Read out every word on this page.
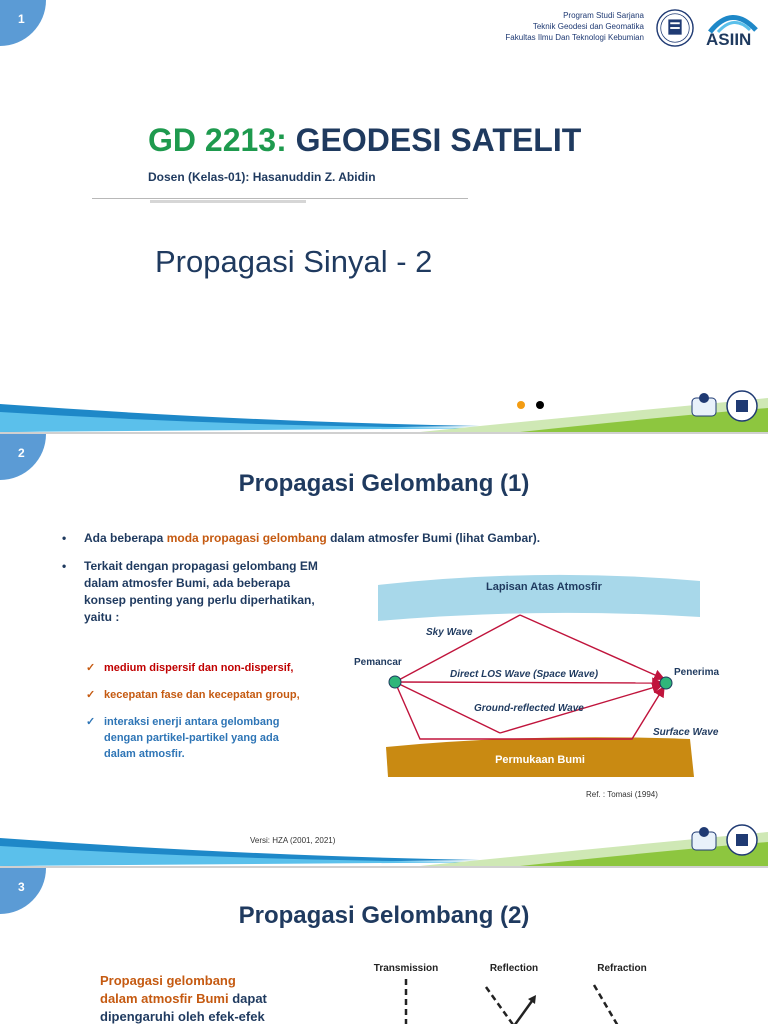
1	Program Studi Sarjana
Teknik Geodesi dan Geomatika
Fakultas Ilmu Dan Teknologi Kebumian	ASIIN
GD 2213: GEODESI SATELIT
Dosen (Kelas-01): Hasanuddin Z. Abidin
Propagasi Sinyal - 2
2
Propagasi Gelombang (1)
• Ada beberapa moda propagasi gelombang dalam atmosfer Bumi (lihat Gambar).
• Terkait dengan propagasi gelombang EM
dalam atmosfer Bumi, ada beberapa
konsep penting yang perlu diperhatikan,
yaitu :
✓ medium dispersif dan non-dispersif,
✓ kecepatan fase dan kecepatan group,
✓ interaksi enerji antara gelombang
dengan partikel-partikel yang ada
dalam atmosfir.
Lapisan Atas Atmosfir
Permukaan Bumi
Pemancar
Penerima
Sky Wave
Direct LOS Wave (Space Wave)
Ground-reflected Wave
Surface Wave
Ref. : Tomasi (1994)
Versi: HZA (2001, 2021)
3
Propagasi Gelombang (2)
Propagasi gelombang
dalam atmosfir Bumi dapat
dipengaruhi oleh efek-efek
Transmission	Reflection	Refraction
